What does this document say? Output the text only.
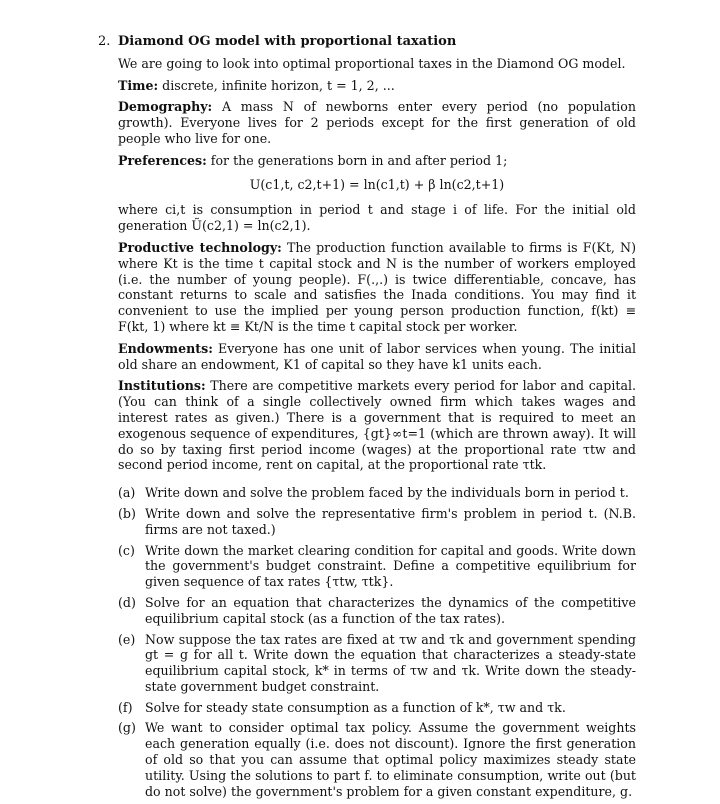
2. Diamond OG model with proportional taxation

We are going to look into optimal proportional taxes in the Diamond OG model.

Time: discrete, infinite horizon, t = 1, 2, ...

Demography: A mass N of newborns enter every period (no population growth). Everyone lives for 2 periods except for the first generation of old people who live for one.

Preferences: for the generations born in and after period 1;

U(c1,t, c2,t+1) = ln(c1,t) + β ln(c2,t+1)

where ci,t is consumption in period t and stage i of life. For the initial old generation Ũ(c2,1) = ln(c2,1).

Productive technology: The production function available to firms is F(Kt, N) where Kt is the time t capital stock and N is the number of workers employed (i.e. the number of young people). F(.,.) is twice differentiable, concave, has constant returns to scale and satisfies the Inada conditions. You may find it convenient to use the implied per young person production function, f(kt) ≡ F(kt, 1) where kt ≡ Kt/N is the time t capital stock per worker.

Endowments: Everyone has one unit of labor services when young. The initial old share an endowment, K1 of capital so they have k1 units each.

Institutions: There are competitive markets every period for labor and capital. (You can think of a single collectively owned firm which takes wages and interest rates as given.) There is a government that is required to meet an exogenous sequence of expenditures, {gt}∞t=1 (which are thrown away). It will do so by taxing first period income (wages) at the proportional rate τtw and second period income, rent on capital, at the proportional rate τtk.

(a) Write down and solve the problem faced by the individuals born in period t.
(b) Write down and solve the representative firm's problem in period t. (N.B. firms are not taxed.)
(c) Write down the market clearing condition for capital and goods. Write down the government's budget constraint. Define a competitive equilibrium for given sequence of tax rates {τtw, τtk}.
(d) Solve for an equation that characterizes the dynamics of the competitive equilibrium capital stock (as a function of the tax rates).
(e) Now suppose the tax rates are fixed at τw and τk and government spending gt = g for all t. Write down the equation that characterizes a steady-state equilibrium capital stock, k* in terms of τw and τk. Write down the steady-state government budget constraint.
(f) Solve for steady state consumption as a function of k*, τw and τk.
(g) We want to consider optimal tax policy. Assume the government weights each generation equally (i.e. does not discount). Ignore the first generation of old so that you can assume that optimal policy maximizes steady state utility. Using the solutions to part f. to eliminate consumption, write out (but do not solve) the government's problem for a given constant expenditure, g.
